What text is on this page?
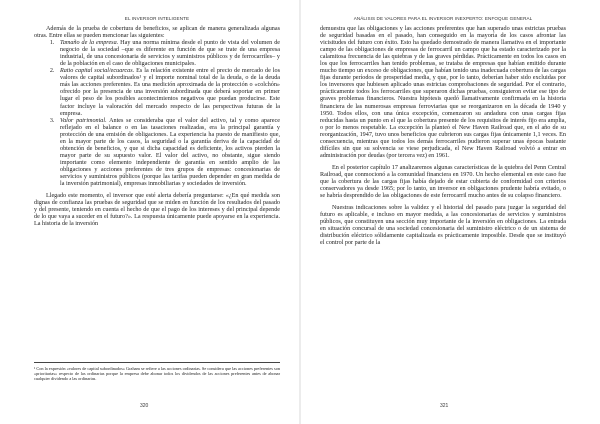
EL INVERSOR INTELIGENTE

Además de la prueba de cobertura de beneficios, se aplican de manera generalizada algunas otras. Entre ellas se pueden mencionar las siguientes:

1. Tamaño de la empresa. Hay una norma mínima desde el punto de vista del volumen de negocio de la sociedad –que es diferente en función de que se trate de una empresa industrial, de una concesionaria de servicios y suministros públicos y de ferrocarriles– y de la población en el caso de obligaciones municipales.
2. Ratio capital social/ecuarcas. Es la relación existente entre el precio de mercado de los valores de capital subordinados¹ y el importe nominal total de la deuda, o de la deuda más las acciones preferentes. Es una medición aproximada de la protección o «colchón» ofrecido por la presencia de una inversión subordinada que deberá soportar en primer lugar el peso de los posibles acontecimientos negativos que puedan producirse. Este factor incluye la valoración del mercado respecto de las perspectivas futuras de la empresa.
3. Valor patrimonial. Antes se consideraba que el valor del activo, tal y como aparece reflejado en el balance o en las tasaciones realizadas, era la principal garantía y protección de una emisión de obligaciones. La experiencia ha puesto de manifiesto que, en la mayor parte de los casos, la seguridad o la garantía deriva de la capacidad de obtención de beneficios, y que si dicha capacidad es deficiente, los activos pierden la mayor parte de su supuesto valor. El valor del activo, no obstante, sigue siendo importante como elemento independiente de garantía en sentido amplio de las obligaciones y acciones preferentes de tres grupos de empresas: concesionarias de servicios y suministros públicos (porque las tarifas pueden depender en gran medida de la inversión patrimonial), empresas inmobiliarias y sociedades de inversión.

Llegado este momento, el inversor que esté alerta debería preguntarse: «¿En qué medida son dignas de confianza las pruebas de seguridad que se miden en función de los resultados del pasado y del presente, teniendo en cuenta el hecho de que el pago de los intereses y del principal depende de lo que vaya a suceder en el futuro?». La respuesta únicamente puede apoyarse en la experiencia. La historia de la inversión

¹ Con la expresión «valores de capital subordinados» Graham se refiere a las acciones ordinarias. Se considera que las acciones preferentes son «prioritarias» respecto de las ordinarias porque la empresa debe abonar todos los dividendos de las acciones preferentes antes de abonar cualquier dividendo a las ordinarias.
320
ANÁLISIS DE VALORES PARA EL INVERSOR INEXPERTO: ENFOQUE GENERAL

demuestra que las obligaciones y las acciones preferentes que han superado unas estrictas pruebas de seguridad basadas en el pasado, han conseguido en la mayoría de los casos afrontar las vicisitudes del futuro con éxito. Esto ha quedado demostrado de manera llamativa en el importante campo de las obligaciones de empresas de ferrocarril un campo que ha estado caracterizado por la calamitosa frecuencia de las quiebras y de las graves pérdidas. Prácticamente en todos los casos en los que los ferrocarriles han tenido problemas, se trataba de empresas que habían emitido durante mucho tiempo un exceso de obligaciones, que habían tenido una inadecuada cobertura de las cargas fijas durante períodos de prosperidad media, y que, por lo tanto, deberían haber sido excluidas por los inversores que hubiesen aplicado unas estrictas comprobaciones de seguridad. Por el contrario, prácticamente todos los ferrocarriles que superaron dichas pruebas, consiguieron evitar ese tipo de graves problemas financieros. Nuestra hipótesis quedó llamativamente confirmada en la historia financiera de las numerosas empresas ferroviarias que se reorganizaron en la década de 1940 y 1950. Todos ellos, con una única excepción, comenzaron su andadura con unas cargas fijas reducidas hasta un punto en el que la cobertura presente de los requisitos de interés fijo era amplia, o por lo menos respetable. La excepción la planteó el New Haven Railroad que, en el año de su reorganización, 1947, tuvo unos beneficios que cubrieron sus cargas fijas únicamente 1,1 veces. En consecuencia, mientras que todos los demás ferrocarriles pudieron superar unas épocas bastante difíciles sin que su solvencia se viese perjudicada, el New Haven Railroad volvió a entrar en administración por deudas (por tercera vez) en 1961.

En el posterior capítulo 17 analizaremos algunas características de la quiebra del Penn Central Railroad, que conmocionó a la comunidad financiera en 1970. Un hecho elemental en este caso fue que la cobertura de las cargas fijas había dejado de estar cubierta de conformidad con criterios conservadores ya desde 1965; por lo tanto, un inversor en obligaciones prudente habría evitado, o se habría desprendido de las obligaciones de este ferrocarril mucho antes de su colapso financiero.

Nuestras indicaciones sobre la validez y el historial del pasado para juzgar la seguridad del futuro es aplicable, e incluso en mayor medida, a las concesionarias de servicios y suministros públicos, que constituyen una sección muy importante de la inversión en obligaciones. La entrada en situación concursal de una sociedad concesionaria del suministro eléctrico o de un sistema de distribución eléctrico sólidamente capitalizada es prácticamente imposible. Desde que se instituyó el control por parte de la

321
